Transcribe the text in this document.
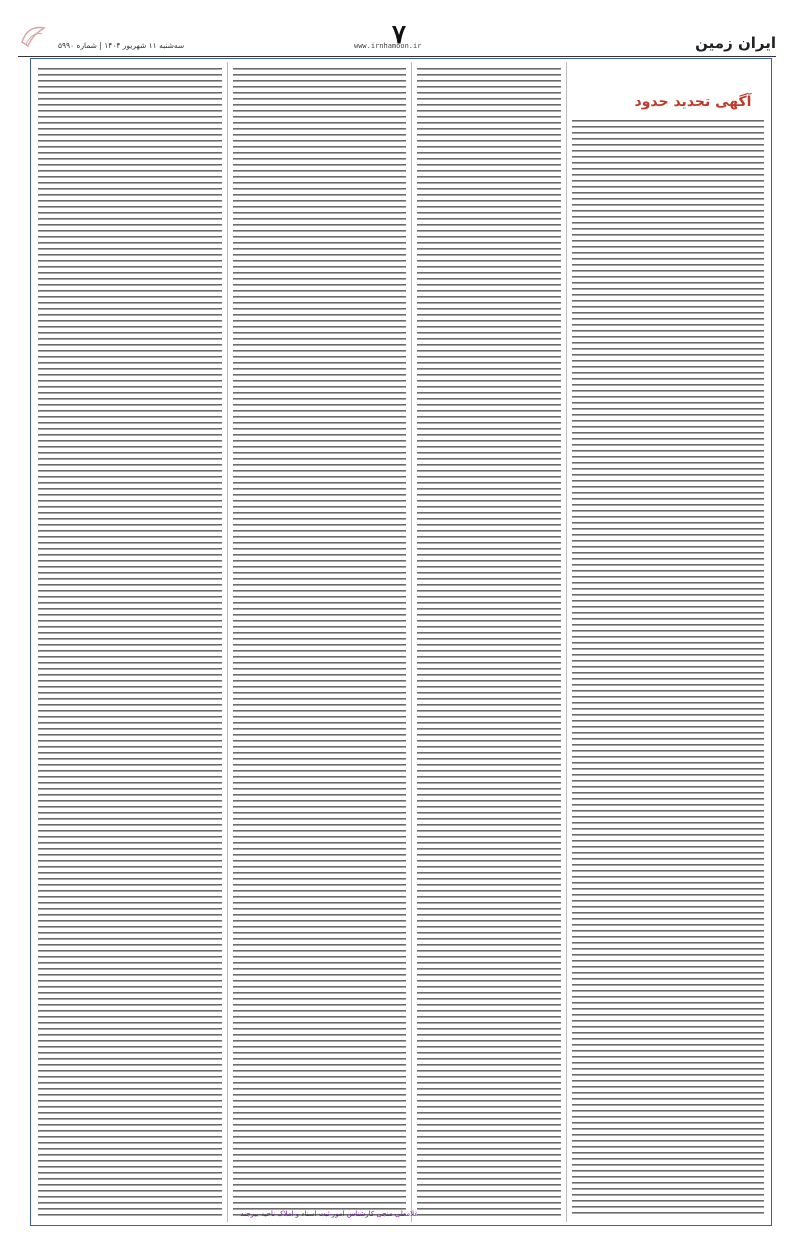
سه‌شنبه ۱۱ شهریور ۱۴۰۴ | شماره ۵۹۹۰	www.irnhamoon.ir
۷	ایران زمین
آگهی تحدید حدود
غلامعلی منجی کارشناس امور ثبت اسناد و املاک ناحیه بیرجند
